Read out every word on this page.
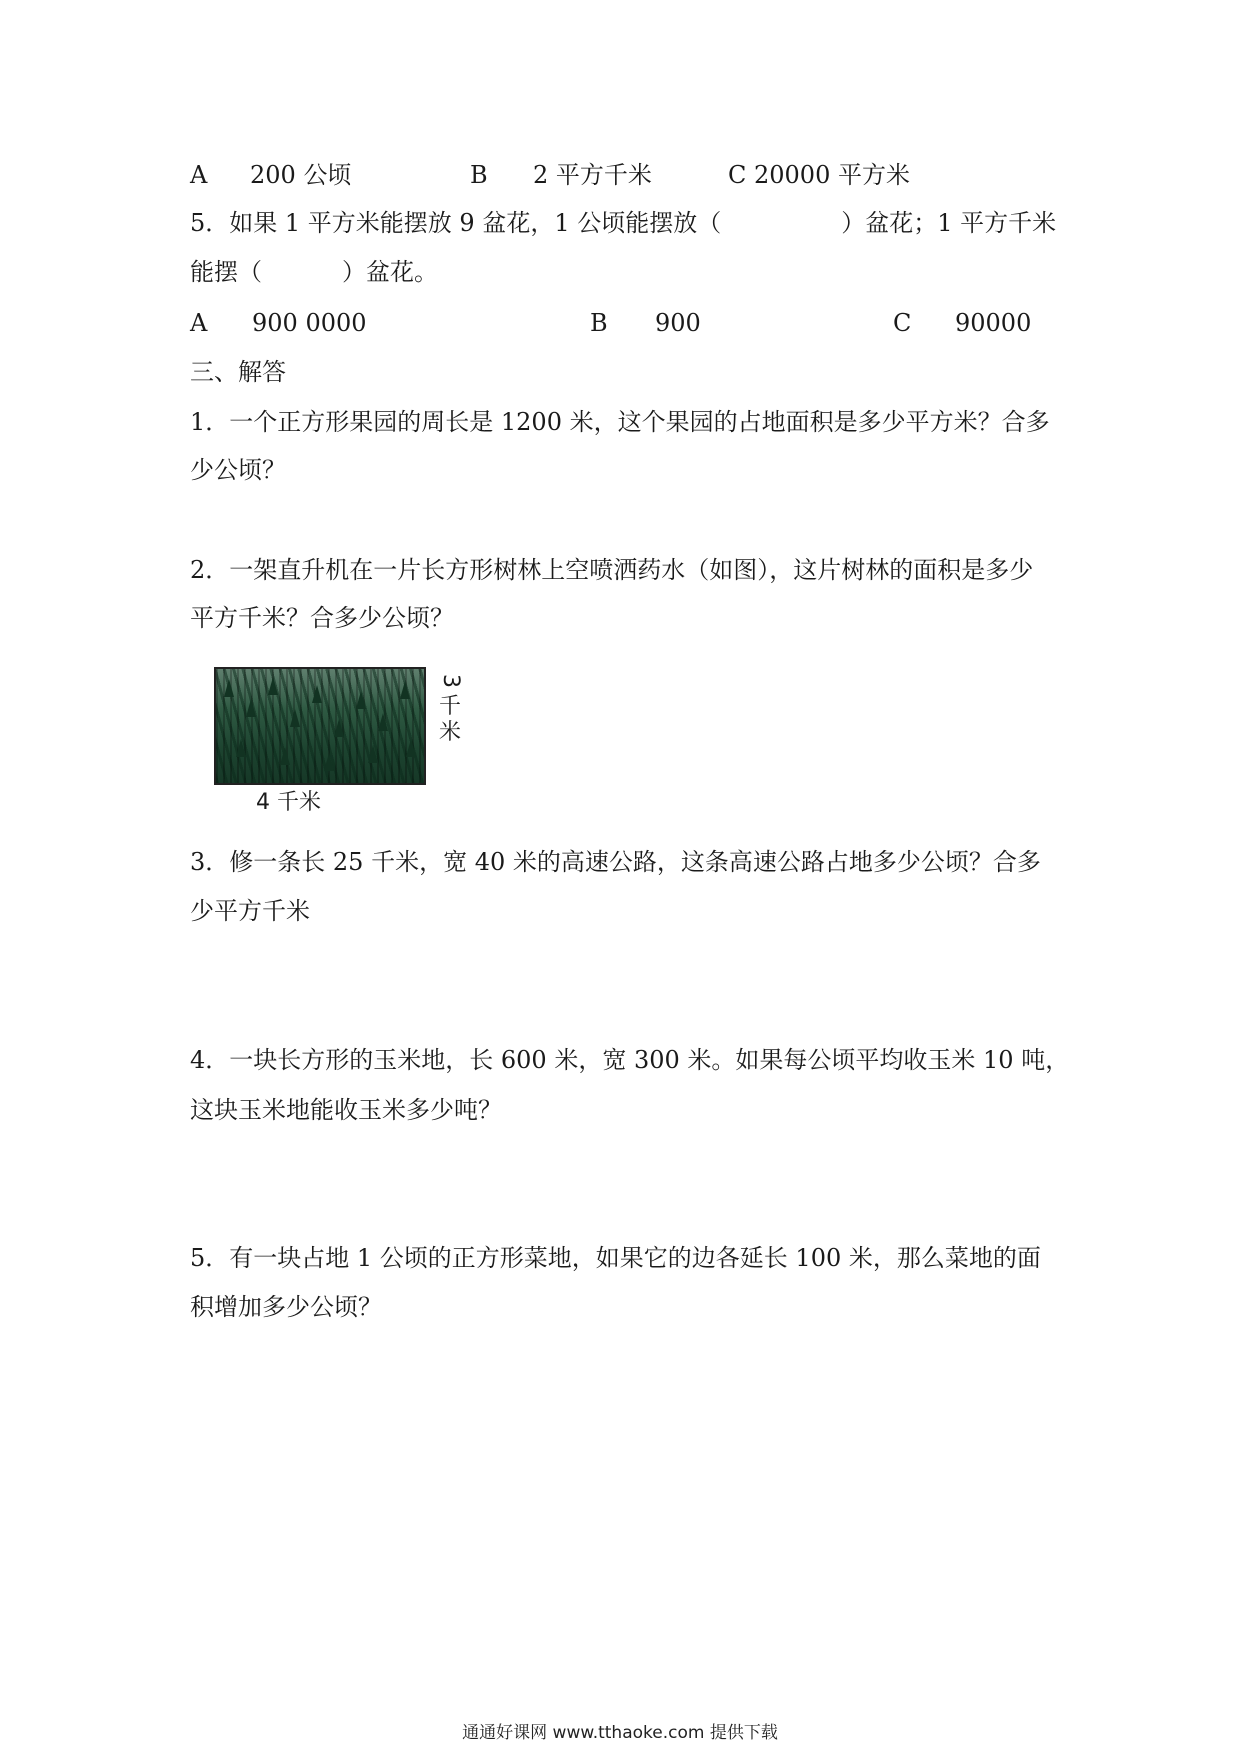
A 200 公顷	B 2 平方千米	C 20000 平方米
5．如果 1 平方米能摆放 9 盆花，1 公顷能摆放（	）盆花；1 平方千米
能摆（	）盆花。
A 900 0000	B 900	C 90000
三、解答
1．一个正方形果园的周长是 1200 米，这个果园的占地面积是多少平方米？合多
少公顷？
2．一架直升机在一片长方形树林上空喷洒药水（如图），这片树林的面积是多少
平方千米？合多少公顷？
3
千
米
4 千米
3．修一条长 25 千米，宽 40 米的高速公路，这条高速公路占地多少公顷？合多
少平方千米
4．一块长方形的玉米地，长 600 米，宽 300 米。如果每公顷平均收玉米 10 吨，
这块玉米地能收玉米多少吨？
5．有一块占地 1 公顷的正方形菜地，如果它的边各延长 100 米，那么菜地的面
积增加多少公顷？
通通好课网 www.tthaoke.com 提供下载
